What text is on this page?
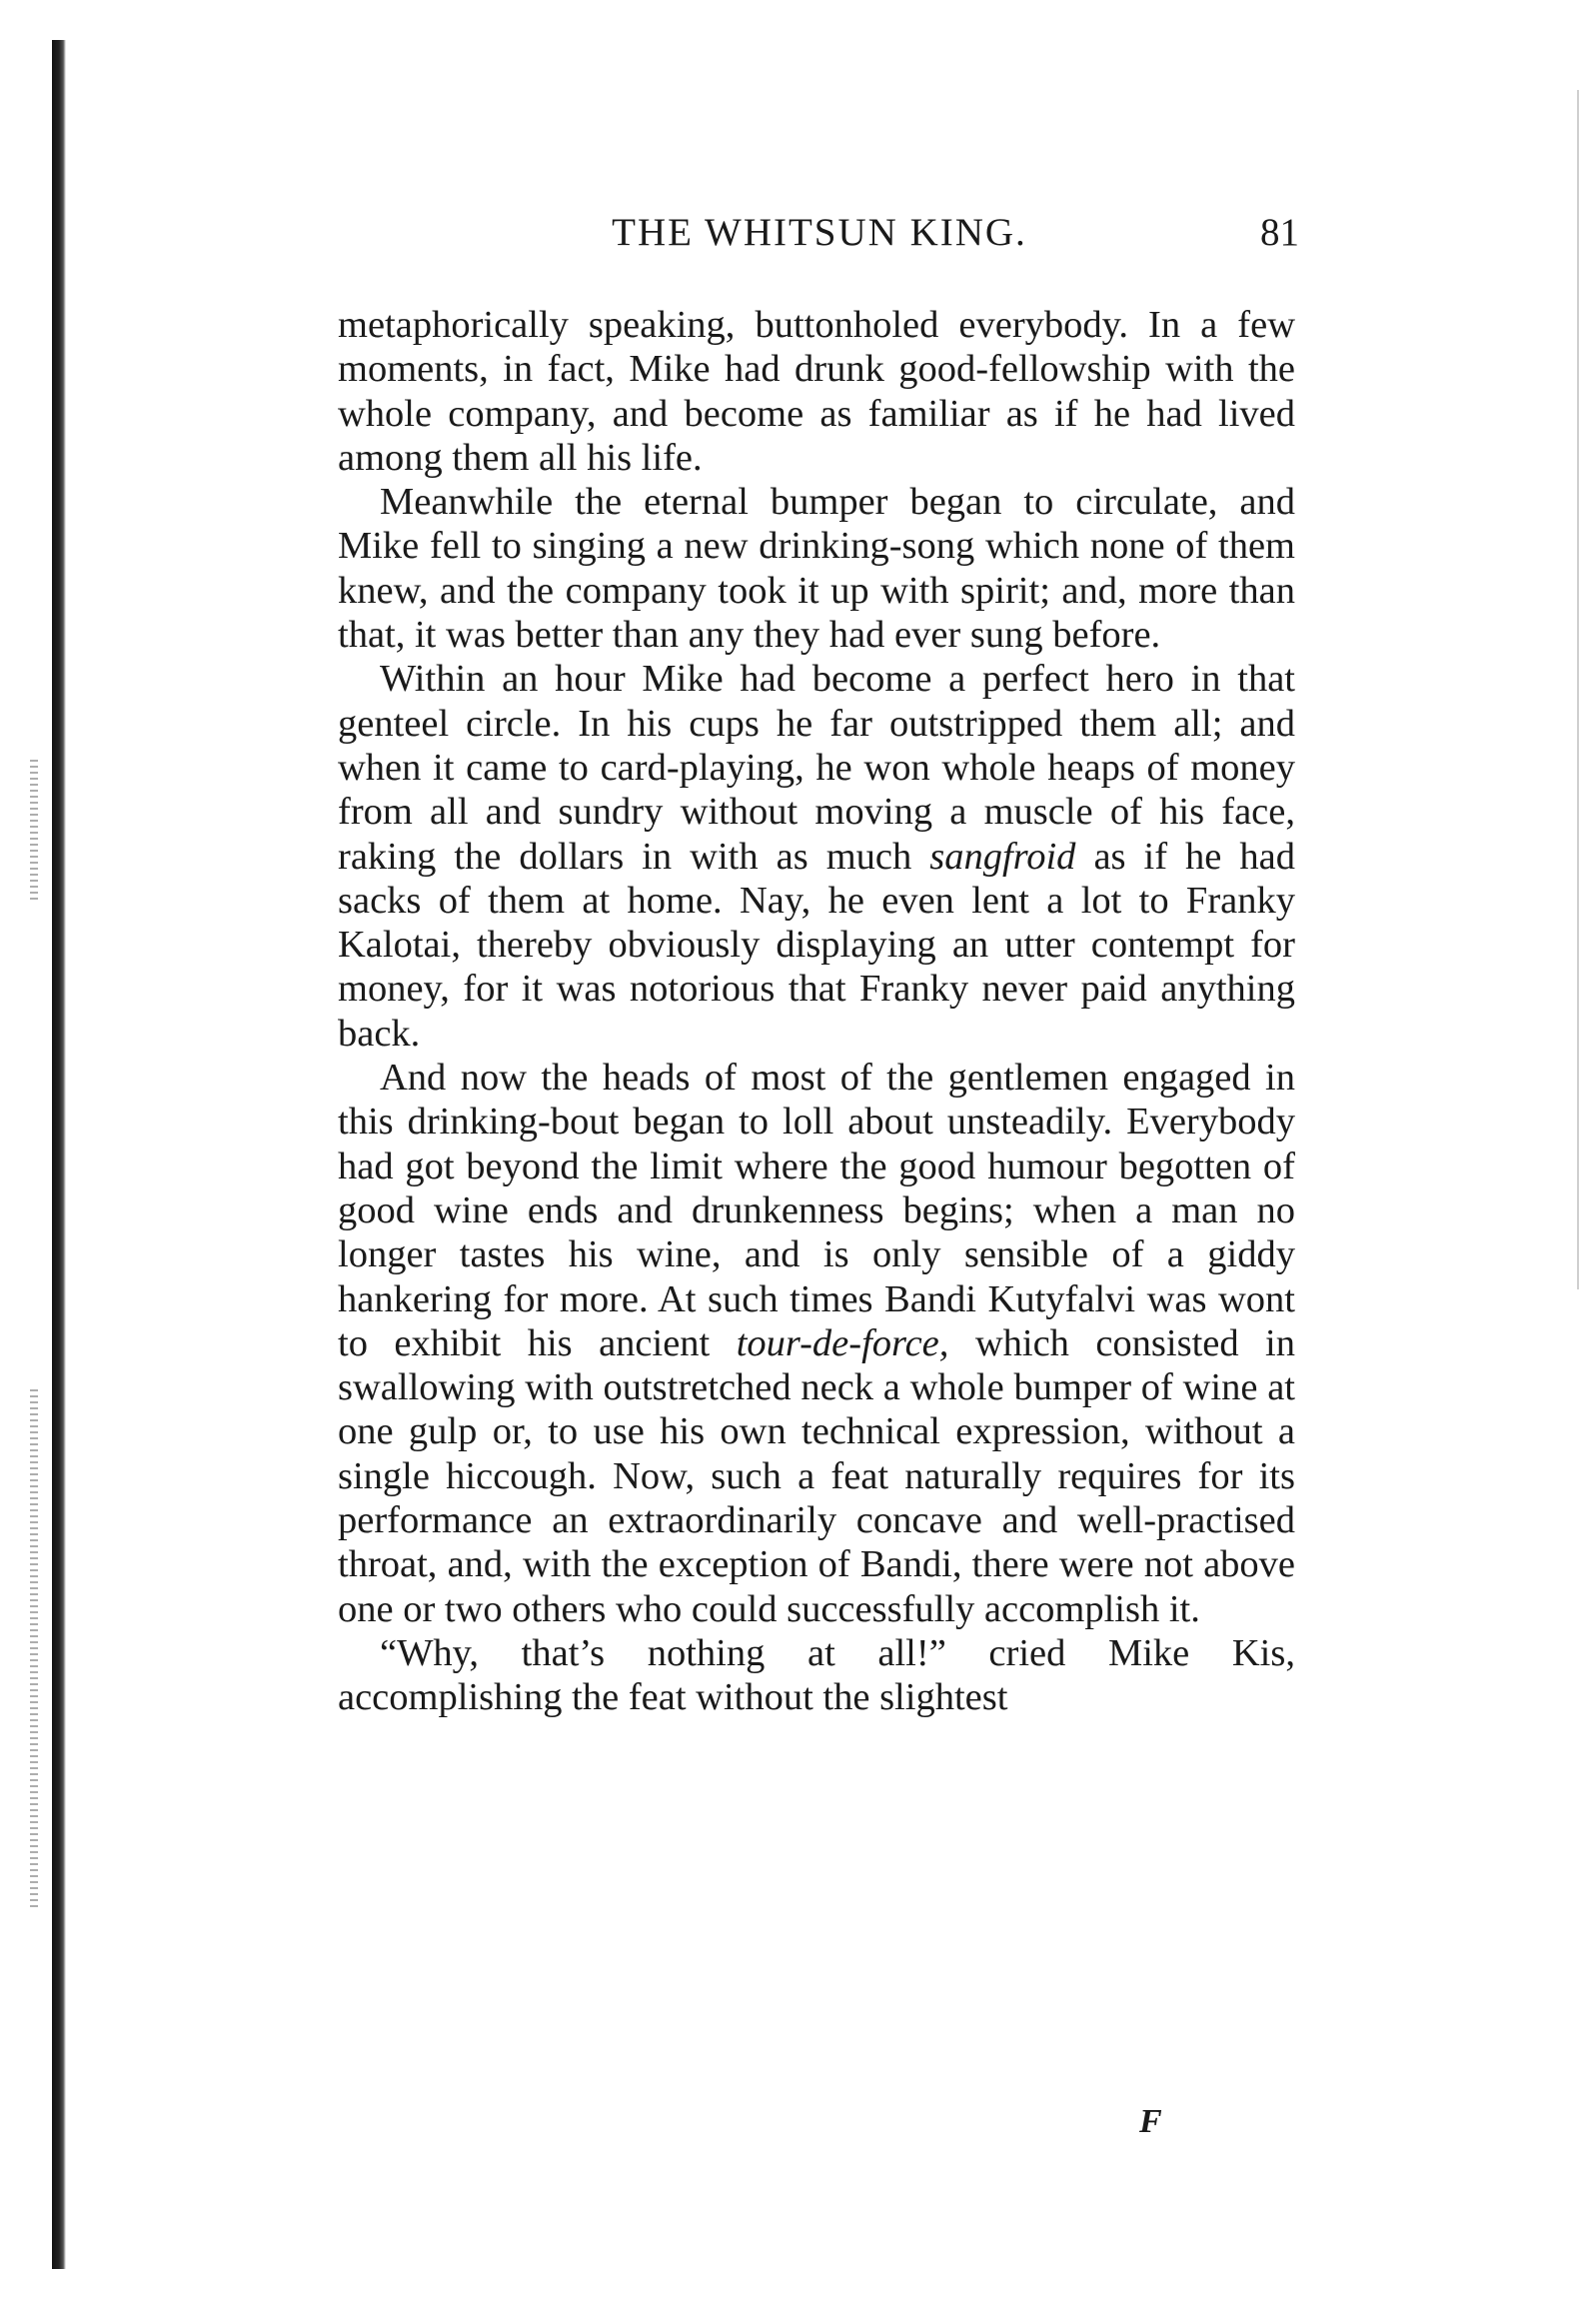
THE WHITSUN KING.	81

metaphorically speaking, buttonholed everybody. In a few moments, in fact, Mike had drunk good-fellowship with the whole company, and become as familiar as if he had lived among them all his life.

Meanwhile the eternal bumper began to circulate, and Mike fell to singing a new drinking-song which none of them knew, and the company took it up with spirit; and, more than that, it was better than any they had ever sung before.

Within an hour Mike had become a perfect hero in that genteel circle. In his cups he far outstripped them all; and when it came to card-playing, he won whole heaps of money from all and sundry without moving a muscle of his face, raking the dollars in with as much sangfroid as if he had sacks of them at home. Nay, he even lent a lot to Franky Kalotai, thereby obviously displaying an utter contempt for money, for it was notorious that Franky never paid anything back.

And now the heads of most of the gentlemen engaged in this drinking-bout began to loll about unsteadily. Everybody had got beyond the limit where the good humour begotten of good wine ends and drunkenness begins; when a man no longer tastes his wine, and is only sensible of a giddy hankering for more. At such times Bandi Kutyfalvi was wont to exhibit his ancient tour-de-force, which consisted in swallowing with outstretched neck a whole bumper of wine at one gulp or, to use his own technical expression, without a single hiccough. Now, such a feat naturally requires for its performance an extraordinarily concave and well-practised throat, and, with the exception of Bandi, there were not above one or two others who could successfully accomplish it.

“Why, that’s nothing at all!” cried Mike Kis, accomplishing the feat without the slightest

F
